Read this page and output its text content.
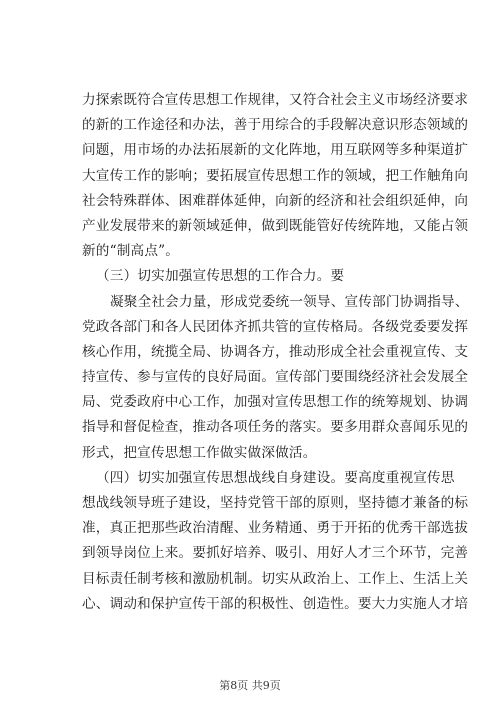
力探索既符合宣传思想工作规律，又符合社会主义市场经济要求
的新的工作途径和办法，善于用综合的手段解决意识形态领域的
问题，用市场的办法拓展新的文化阵地，用互联网等多种渠道扩
大宣传工作的影响；要拓展宣传思想工作的领域，把工作触角向
社会特殊群体、困难群体延伸，向新的经济和社会组织延伸，向
产业发展带来的新领域延伸，做到既能管好传统阵地，又能占领
新的“制高点”。
（三）切实加强宣传思想的工作合力。要
凝聚全社会力量，形成党委统一领导、宣传部门协调指导、
党政各部门和各人民团体齐抓共管的宣传格局。各级党委要发挥
核心作用，统揽全局、协调各方，推动形成全社会重视宣传、支
持宣传、参与宣传的良好局面。宣传部门要围绕经济社会发展全
局、党委政府中心工作，加强对宣传思想工作的统筹规划、协调
指导和督促检查，推动各项任务的落实。要多用群众喜闻乐见的
形式，把宣传思想工作做实做深做活。
（四）切实加强宣传思想战线自身建设。要高度重视宣传思
想战线领导班子建设，坚持党管干部的原则，坚持德才兼备的标
准，真正把那些政治清醒、业务精通、勇于开拓的优秀干部选拔
到领导岗位上来。要抓好培养、吸引、用好人才三个环节，完善
目标责任制考核和激励机制。切实从政治上、工作上、生活上关
心、调动和保护宣传干部的积极性、创造性。要大力实施人才培
第8页 共9页
